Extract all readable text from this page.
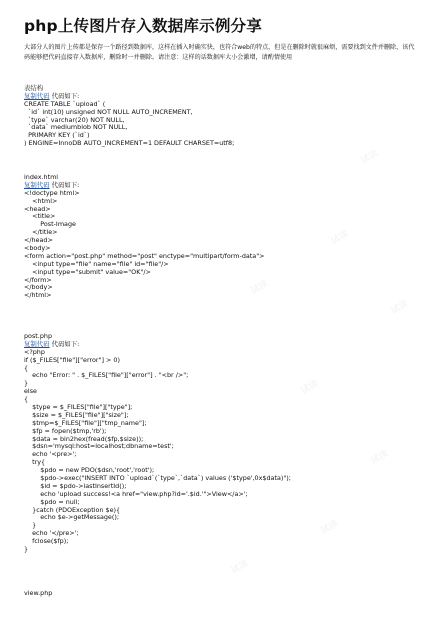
php上传图片存入数据库示例分享
大部分人的图片上传都是保存一个路径到数据库，这样在插入时确实快，也符合web的特点，但是在删除时就很麻烦，需要找到文件并删除，该代码能够把代码直接存入数据库，删除时一并删除。请注意：这样的话数据库大小会激增，请酌情使用
表结构
复制代码 代码如下:
CREATE TABLE `upload` (
`id` int(10) unsigned NOT NULL AUTO_INCREMENT,
`type` varchar(20) NOT NULL,
`data` mediumblob NOT NULL,
PRIMARY KEY (`id`)
) ENGINE=InnoDB AUTO_INCREMENT=1 DEFAULT CHARSET=utf8;
index.html
复制代码 代码如下:
<!doctype html>
<html>
<head>
<title>
Post-Image
</title>
</head>
<body>
<form action="post.php" method="post" enctype="multipart/form-data">
<input type="file" name="file" id="file"/>
<input type="submit" value="OK"/>
</form>
</body>
</html>
post.php
复制代码 代码如下:
<?php
if ($_FILES["file"]["error"] > 0)
{
echo "Error: " . $_FILES["file"]["error"] . "<br />";
}
else
{
$type = $_FILES["file"]["type"];
$size = $_FILES["file"]["size"];
$tmp=$_FILES["file"]["tmp_name"];
$fp = fopen($tmp,'rb');
$data = bin2hex(fread($fp,$size));
$dsn='mysql:host=localhost;dbname=test';
echo '<pre>';
try{
$pdo = new PDO($dsn,'root','root');
$pdo->exec("INSERT INTO `upload`(`type`,`data`) values ('$type',0x$data)");
$id = $pdo->lastInsertId();
echo 'upload success!<a href="view.php?id='.$id.'">View</a>';
$pdo = null;
}catch (PDOException $e){
echo $e->getMessage();
}
echo '</pre>';
fclose($fp);
}
view.php
试读
试读
试读
试读
试读
试读
试读
试读
